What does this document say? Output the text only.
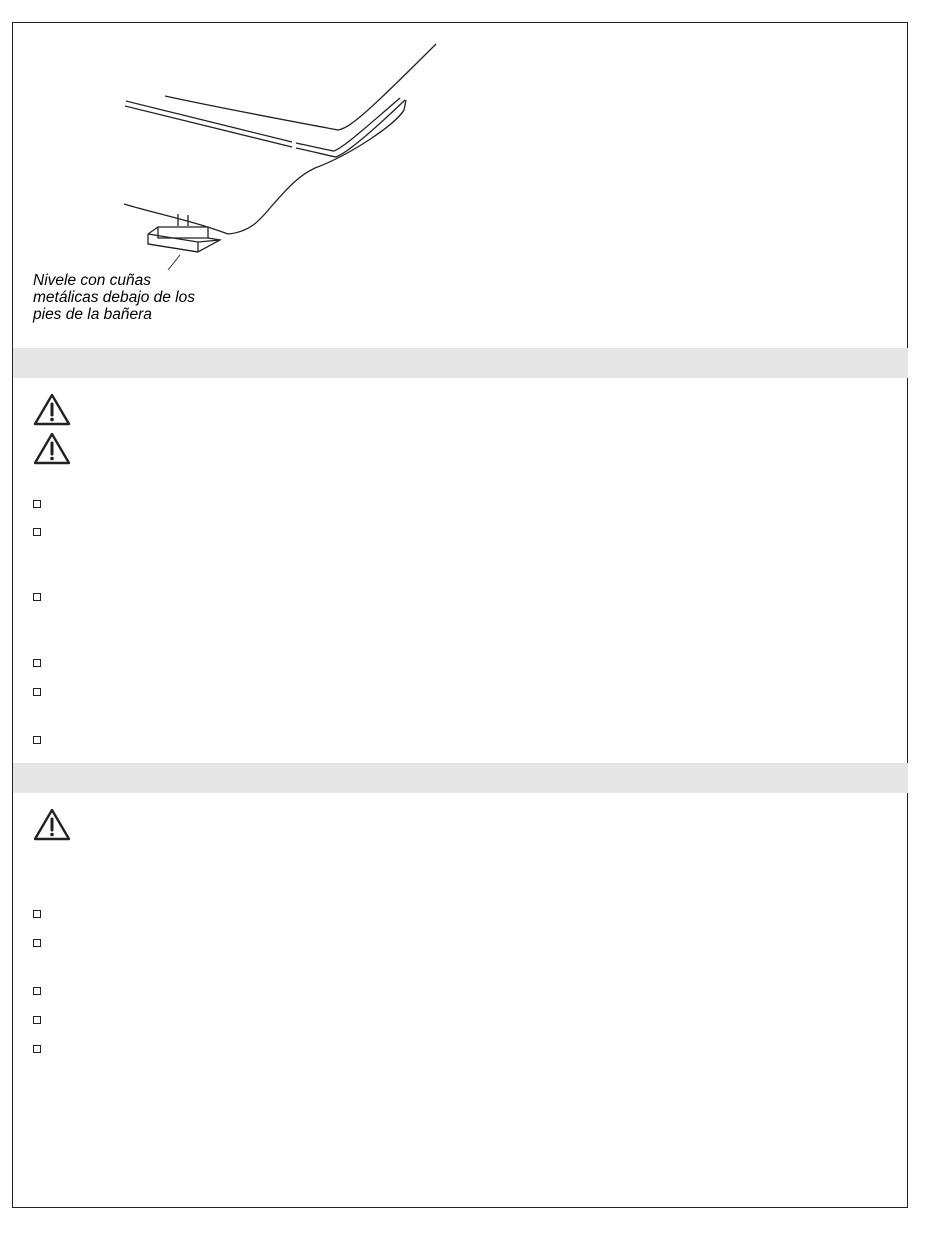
Nivele con cuñas
metálicas debajo de los
pies de la bañera
